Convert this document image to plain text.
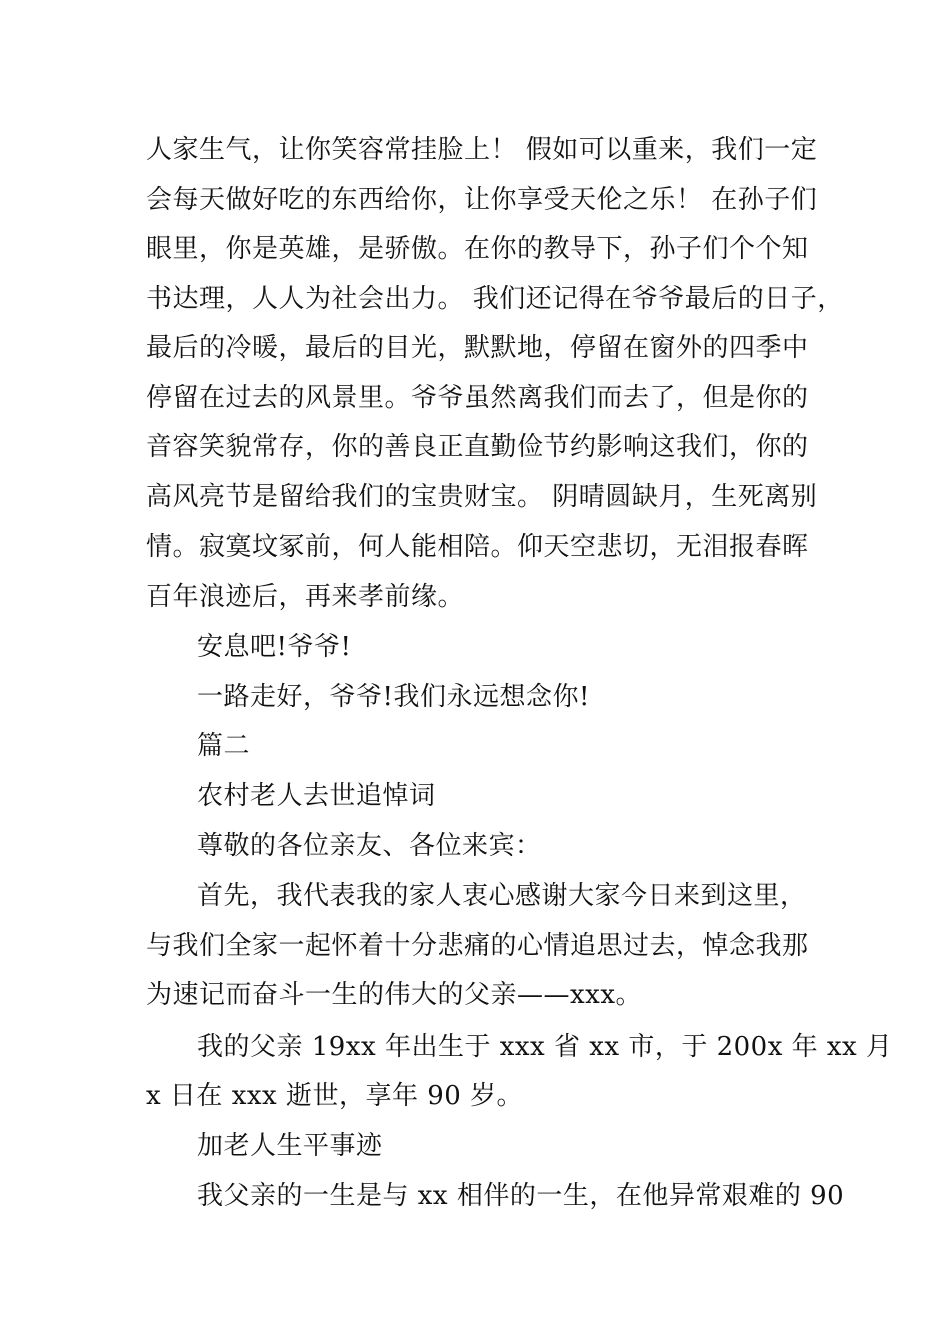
人家生气，让你笑容常挂脸上！ 假如可以重来，我们一定
会每天做好吃的东西给你，让你享受天伦之乐！ 在孙子们
眼里，你是英雄，是骄傲。在你的教导下，孙子们个个知
书达理，人人为社会出力。 我们还记得在爷爷最后的日子，
最后的冷暖，最后的目光，默默地，停留在窗外的四季中
停留在过去的风景里。爷爷虽然离我们而去了，但是你的
音容笑貌常存，你的善良正直勤俭节约影响这我们，你的
高风亮节是留给我们的宝贵财宝。 阴晴圆缺月，生死离别
情。寂寞坟冢前，何人能相陪。仰天空悲切，无泪报春晖
百年浪迹后，再来孝前缘。
安息吧!爷爷!
一路走好，爷爷!我们永远想念你!
篇二
农村老人去世追悼词
尊敬的各位亲友、各位来宾：
首先，我代表我的家人衷心感谢大家今日来到这里，
与我们全家一起怀着十分悲痛的心情追思过去，悼念我那
为速记而奋斗一生的伟大的父亲——xxx。
我的父亲 19xx 年出生于 xxx 省 xx 市，于 200x 年 xx 月
x 日在 xxx 逝世，享年 90 岁。
加老人生平事迹
我父亲的一生是与 xx 相伴的一生，在他异常艰难的 90
